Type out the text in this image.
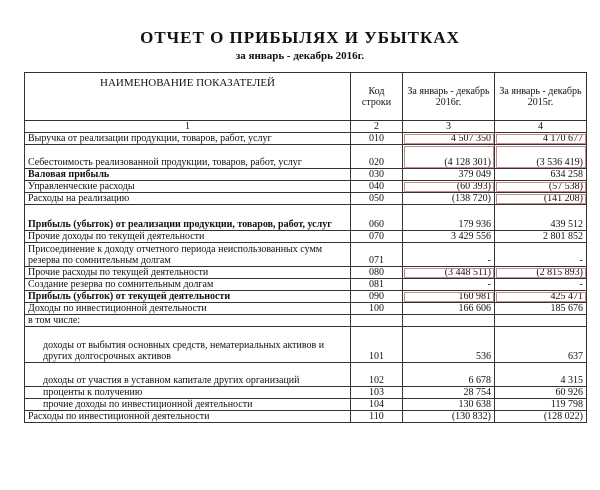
ОТЧЕТ О ПРИБЫЛЯХ И УБЫТКАХ
за январь - декабрь 2016г.
НАИМЕНОВАНИЕ ПОКАЗАТЕЛЕЙ	Код строки	За январь - декабрь 2016г.	За январь - декабрь 2015г.
1	2	3	4
Выручка от реализации продукции, товаров, работ, услуг	010	4 507 350	4 170 677
Себестоимость реализованной продукции, товаров, работ, услуг	020	(4 128 301)	(3 536 419)
Валовая прибыль	030	379 049	634 258
Управленческие расходы	040	(60 393)	(57 538)
Расходы на реализацию	050	(138 720)	(141 208)
Прибыль (убыток) от реализации продукции, товаров, работ, услуг	060	179 936	439 512
Прочие доходы по текущей деятельности	070	3 429 556	2 801 852
Присоединение к доходу отчетного периода неиспользованных сумм резерва по сомнительным долгам	071	-	-
Прочие расходы по текущей деятельности	080	(3 448 511)	(2 815 893)
Создание резерва по сомнительным долгам	081	-	-
Прибыль (убыток) от текущей деятельности	090	160 981	425 471
Доходы по инвестиционной деятельности	100	166 606	185 676
в том числе:			
доходы от выбытия основных средств, нематериальных активов и других долгосрочных активов	101	536	637
доходы от участия в уставном капитале других организаций	102	6 678	4 315
проценты к получению	103	28 754	60 926
прочие доходы по инвестиционной деятельности	104	130 638	119 798
Расходы по инвестиционной деятельности	110	(130 832)	(128 022)
